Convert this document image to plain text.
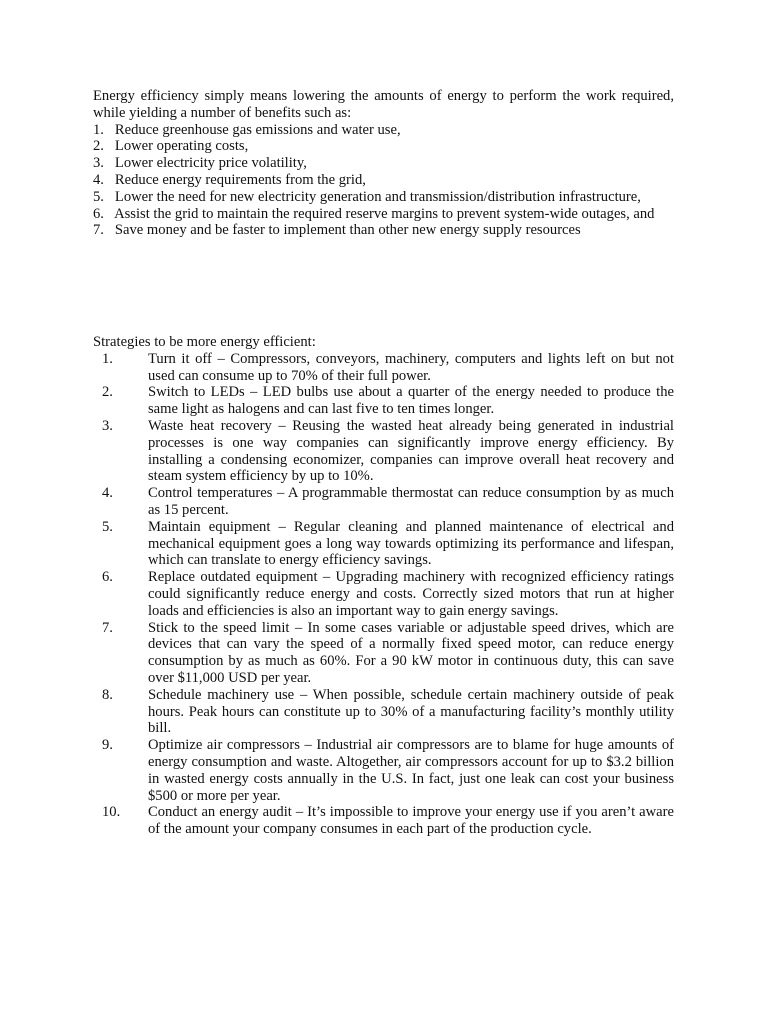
Energy efficiency simply means lowering the amounts of energy to perform the work required, while yielding a number of benefits such as:
1. Reduce greenhouse gas emissions and water use,
2. Lower operating costs,
3. Lower electricity price volatility,
4. Reduce energy requirements from the grid,
5. Lower the need for new electricity generation and transmission/distribution infrastructure,
6. Assist the grid to maintain the required reserve margins to prevent system-wide outages, and
7. Save money and be faster to implement than other new energy supply resources
Strategies to be more energy efficient:
1. Turn it off – Compressors, conveyors, machinery, computers and lights left on but not used can consume up to 70% of their full power.
2. Switch to LEDs – LED bulbs use about a quarter of the energy needed to produce the same light as halogens and can last five to ten times longer.
3. Waste heat recovery – Reusing the wasted heat already being generated in industrial processes is one way companies can significantly improve energy efficiency. By installing a condensing economizer, companies can improve overall heat recovery and steam system efficiency by up to 10%.
4. Control temperatures – A programmable thermostat can reduce consumption by as much as 15 percent.
5. Maintain equipment – Regular cleaning and planned maintenance of electrical and mechanical equipment goes a long way towards optimizing its performance and lifespan, which can translate to energy efficiency savings.
6. Replace outdated equipment – Upgrading machinery with recognized efficiency ratings could significantly reduce energy and costs. Correctly sized motors that run at higher loads and efficiencies is also an important way to gain energy savings.
7. Stick to the speed limit – In some cases variable or adjustable speed drives, which are devices that can vary the speed of a normally fixed speed motor, can reduce energy consumption by as much as 60%. For a 90 kW motor in continuous duty, this can save over $11,000 USD per year.
8. Schedule machinery use – When possible, schedule certain machinery outside of peak hours. Peak hours can constitute up to 30% of a manufacturing facility’s monthly utility bill.
9. Optimize air compressors – Industrial air compressors are to blame for huge amounts of energy consumption and waste. Altogether, air compressors account for up to $3.2 billion in wasted energy costs annually in the U.S. In fact, just one leak can cost your business $500 or more per year.
10. Conduct an energy audit – It’s impossible to improve your energy use if you aren’t aware of the amount your company consumes in each part of the production cycle.
